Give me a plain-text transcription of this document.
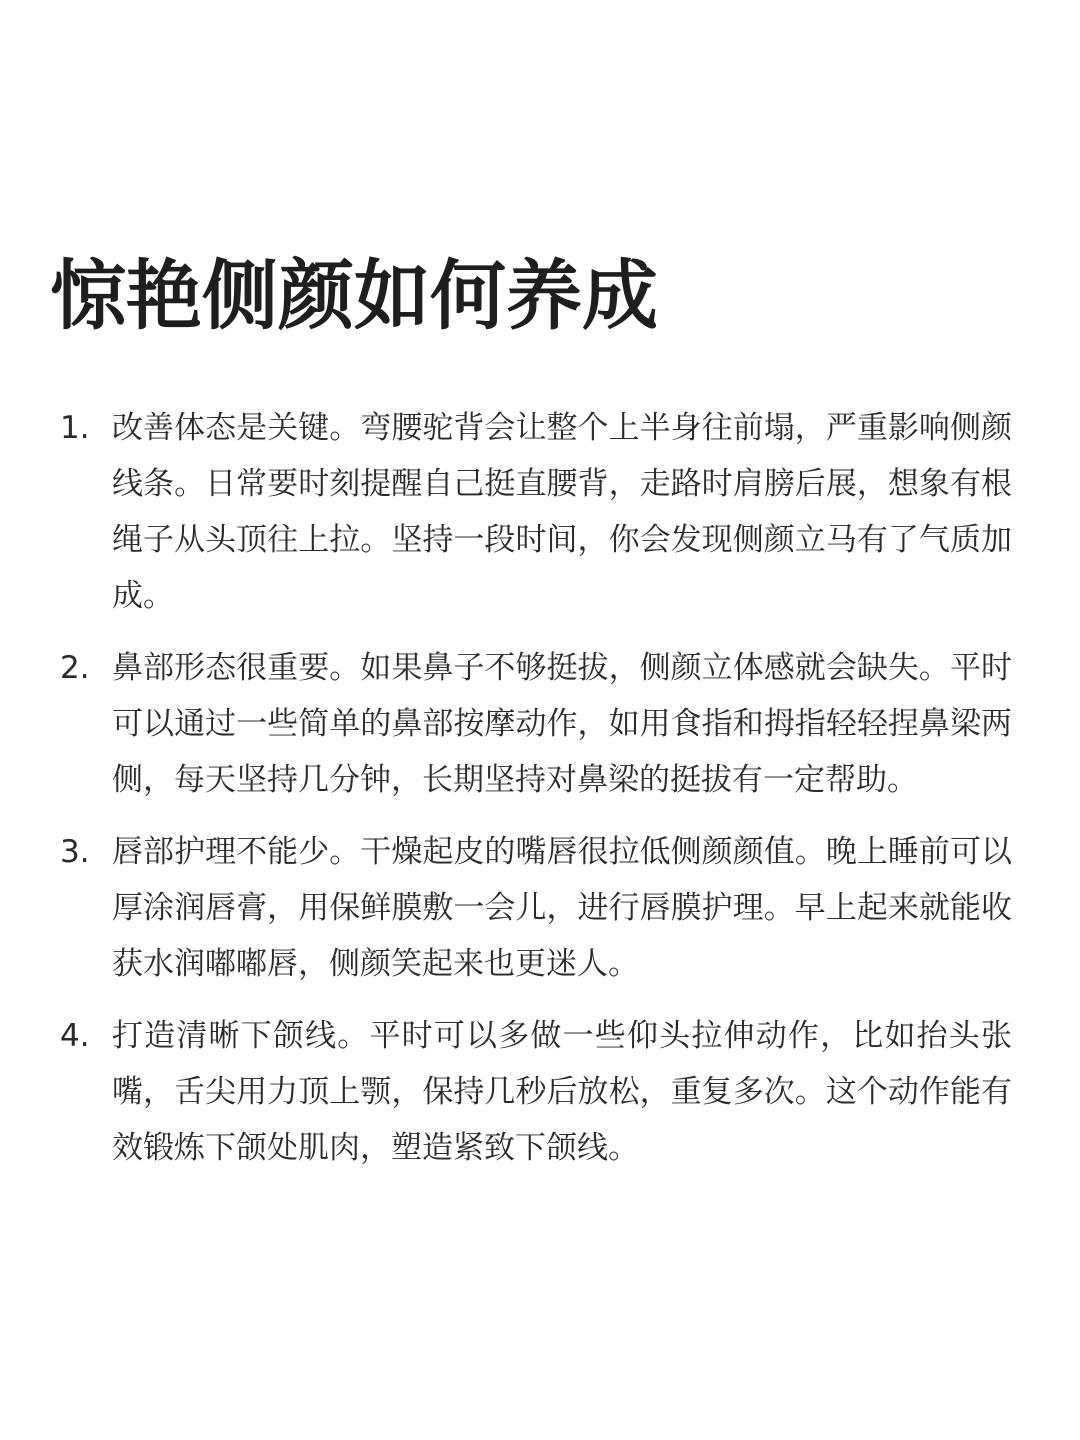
惊艳侧颜如何养成
1. 改善体态是关键。弯腰驼背会让整个上半身往前塌，严重影响侧颜线条。日常要时刻提醒自己挺直腰背，走路时肩膀后展，想象有根绳子从头顶往上拉。坚持一段时间，你会发现侧颜立马有了气质加成。
2. 鼻部形态很重要。如果鼻子不够挺拔，侧颜立体感就会缺失。平时可以通过一些简单的鼻部按摩动作，如用食指和拇指轻轻捏鼻梁两侧，每天坚持几分钟，长期坚持对鼻梁的挺拔有一定帮助。
3. 唇部护理不能少。干燥起皮的嘴唇很拉低侧颜颜值。晚上睡前可以厚涂润唇膏，用保鲜膜敷一会儿，进行唇膜护理。早上起来就能收获水润嘟嘟唇，侧颜笑起来也更迷人。
4. 打造清晰下颌线。平时可以多做一些仰头拉伸动作，比如抬头张嘴，舌尖用力顶上颚，保持几秒后放松，重复多次。这个动作能有效锻炼下颌处肌肉，塑造紧致下颌线。
